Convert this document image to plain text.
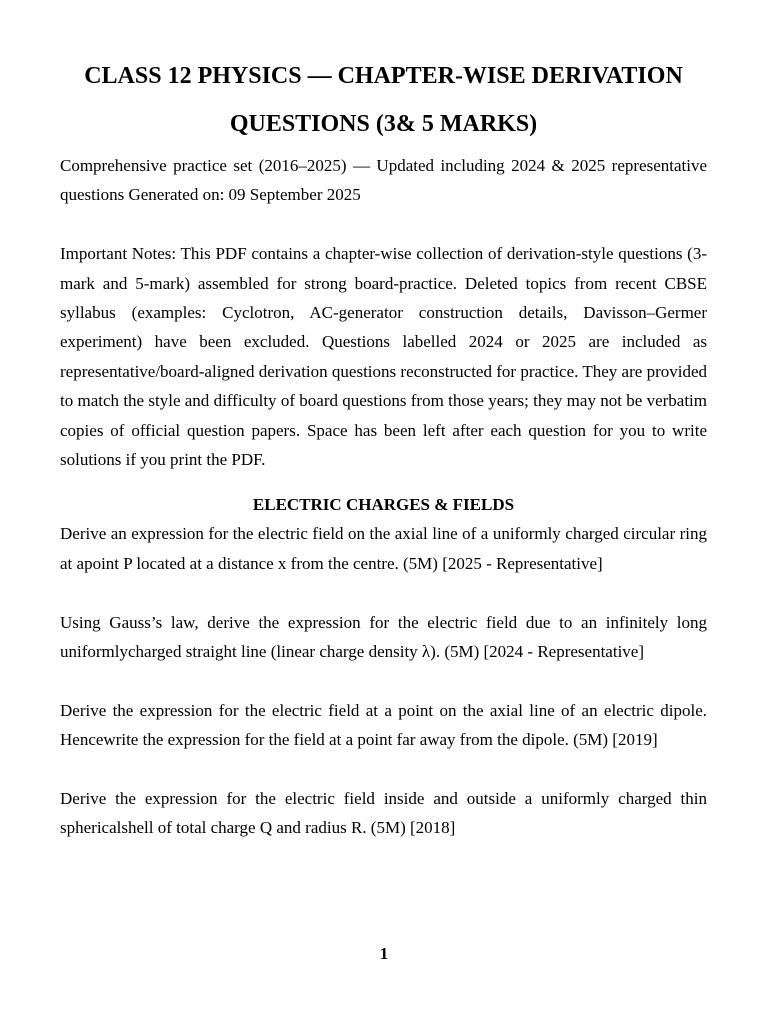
CLASS 12 PHYSICS — CHAPTER-WISE DERIVATION QUESTIONS (3& 5 MARKS)

Comprehensive practice set (2016–2025) — Updated including 2024 & 2025 representative questions Generated on: 09 September 2025

Important Notes: This PDF contains a chapter-wise collection of derivation-style questions (3-mark and 5-mark) assembled for strong board-practice. Deleted topics from recent CBSE syllabus (examples: Cyclotron, AC-generator construction details, Davisson–Germer experiment) have been excluded. Questions labelled 2024 or 2025 are included as representative/board-aligned derivation questions reconstructed for practice. They are provided to match the style and difficulty of board questions from those years; they may not be verbatim copies of official question papers. Space has been left after each question for you to write solutions if you print the PDF.

ELECTRIC CHARGES & FIELDS

Derive an expression for the electric field on the axial line of a uniformly charged circular ring at apoint P located at a distance x from the centre. (5M) [2025 - Representative]

Using Gauss’s law, derive the expression for the electric field due to an infinitely long uniformlycharged straight line (linear charge density λ). (5M) [2024 - Representative]

Derive the expression for the electric field at a point on the axial line of an electric dipole. Hencewrite the expression for the field at a point far away from the dipole. (5M) [2019]

Derive the expression for the electric field inside and outside a uniformly charged thin sphericalshell of total charge Q and radius R. (5M) [2018]

1
